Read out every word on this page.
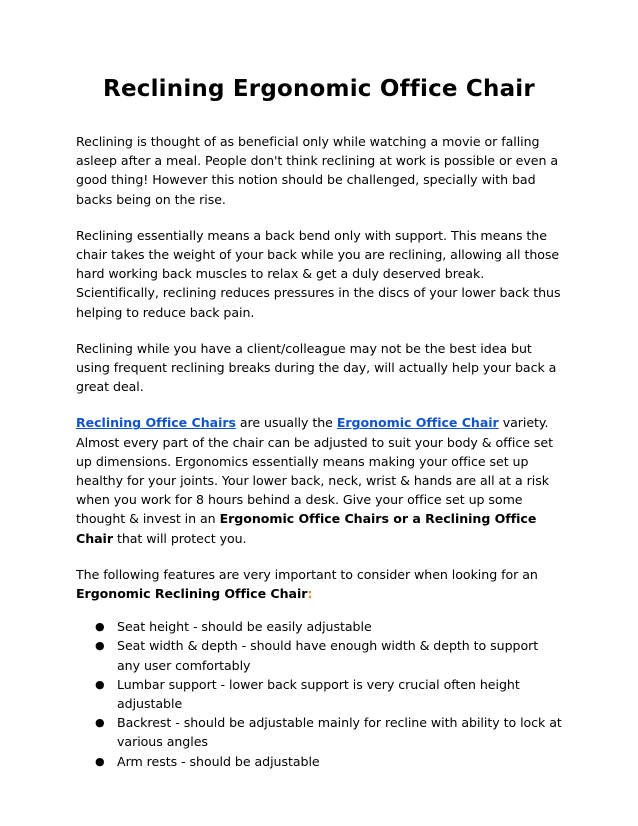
Reclining Ergonomic Office Chair

Reclining is thought of as beneficial only while watching a movie or falling asleep after a meal. People don't think reclining at work is possible or even a good thing! However this notion should be challenged, specially with bad backs being on the rise.

Reclining essentially means a back bend only with support. This means the chair takes the weight of your back while you are reclining, allowing all those hard working back muscles to relax & get a duly deserved break. Scientifically, reclining reduces pressures in the discs of your lower back thus helping to reduce back pain.

Reclining while you have a client/colleague may not be the best idea but using frequent reclining breaks during the day, will actually help your back a great deal.

Reclining Office Chairs are usually the Ergonomic Office Chair variety. Almost every part of the chair can be adjusted to suit your body & office set up dimensions. Ergonomics essentially means making your office set up healthy for your joints. Your lower back, neck, wrist & hands are all at a risk when you work for 8 hours behind a desk. Give your office set up some thought & invest in an Ergonomic Office Chairs or a Reclining Office Chair that will protect you.

The following features are very important to consider when looking for an Ergonomic Reclining Office Chair:

● Seat height - should be easily adjustable
● Seat width & depth - should have enough width & depth to support any user comfortably
● Lumbar support - lower back support is very crucial often height adjustable
● Backrest - should be adjustable mainly for recline with ability to lock at various angles
● Arm rests - should be adjustable
